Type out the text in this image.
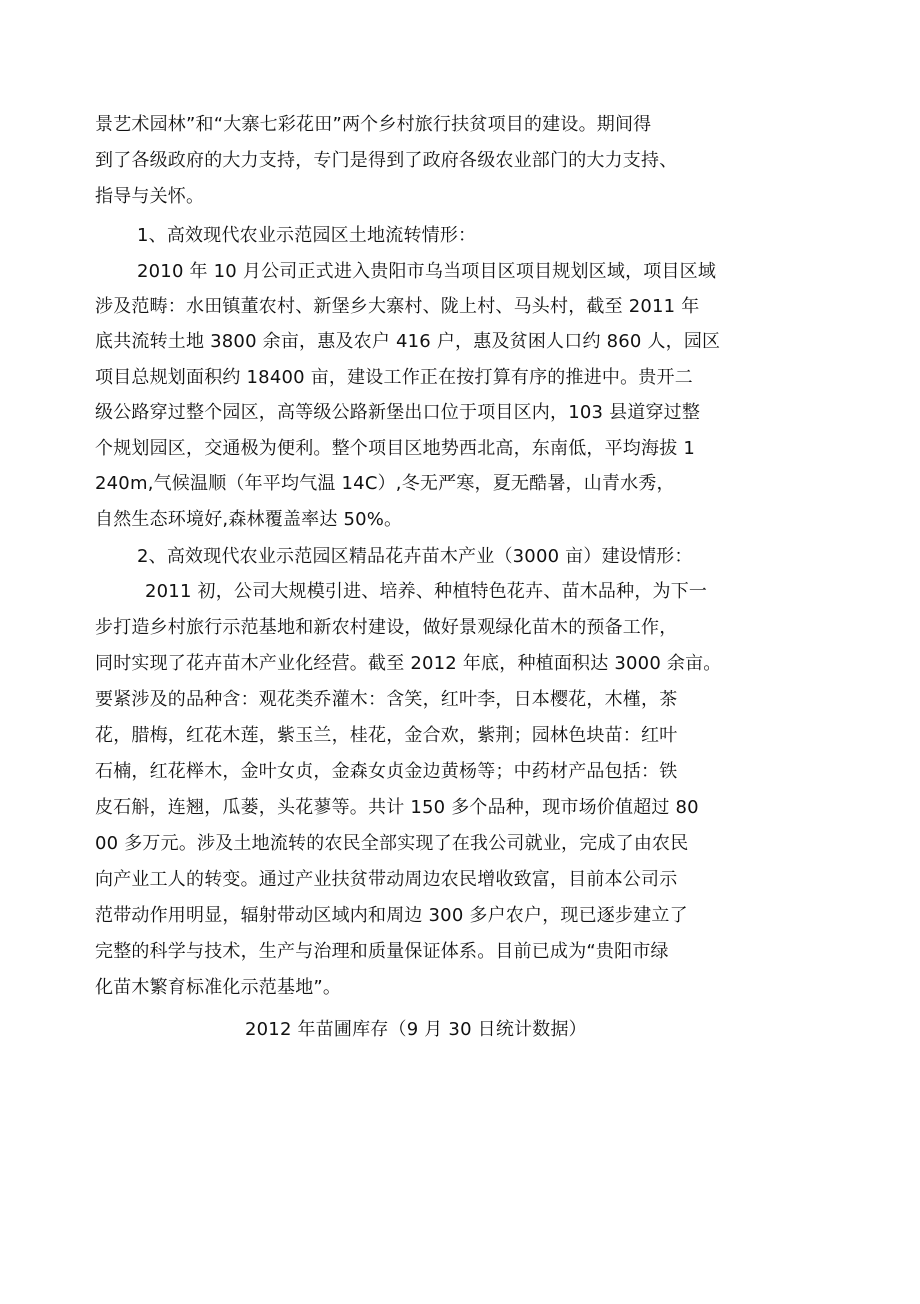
景艺术园林”和“大寨七彩花田”两个乡村旅行扶贫项目的建设。期间得
到了各级政府的大力支持，专门是得到了政府各级农业部门的大力支持、
指导与关怀。
1、高效现代农业示范园区土地流转情形：
2010 年 10 月公司正式进入贵阳市乌当项目区项目规划区域，项目区域
涉及范畴：水田镇董农村、新堡乡大寨村、陇上村、马头村，截至 2011 年
底共流转土地 3800 余亩，惠及农户 416 户，惠及贫困人口约 860 人，园区
项目总规划面积约 18400 亩，建设工作正在按打算有序的推进中。贵开二
级公路穿过整个园区，高等级公路新堡出口位于项目区内，103 县道穿过整
个规划园区，交通极为便利。整个项目区地势西北高，东南低，平均海拔 1
240m,气候温顺（年平均气温 14C）,冬无严寒，夏无酷暑，山青水秀，
自然生态环境好,森林覆盖率达 50%。
2、高效现代农业示范园区精品花卉苗木产业（3000 亩）建设情形：
2011 初，公司大规模引进、培养、种植特色花卉、苗木品种，为下一
步打造乡村旅行示范基地和新农村建设，做好景观绿化苗木的预备工作，
同时实现了花卉苗木产业化经营。截至 2012 年底，种植面积达 3000 余亩。
要紧涉及的品种含：观花类乔灌木：含笑，红叶李，日本樱花，木槿，茶
花，腊梅，红花木莲，紫玉兰，桂花，金合欢，紫荆；园林色块苗：红叶
石楠，红花榉木，金叶女贞，金森女贞金边黄杨等；中药材产品包括：铁
皮石斛，连翘，瓜蒌，头花蓼等。共计 150 多个品种，现市场价值超过 80
00 多万元。涉及土地流转的农民全部实现了在我公司就业，完成了由农民
向产业工人的转变。通过产业扶贫带动周边农民增收致富，目前本公司示
范带动作用明显，辐射带动区域内和周边 300 多户农户，现已逐步建立了
完整的科学与技术，生产与治理和质量保证体系。目前已成为“贵阳市绿
化苗木繁育标准化示范基地”。
2012 年苗圃库存（9 月 30 日统计数据）
